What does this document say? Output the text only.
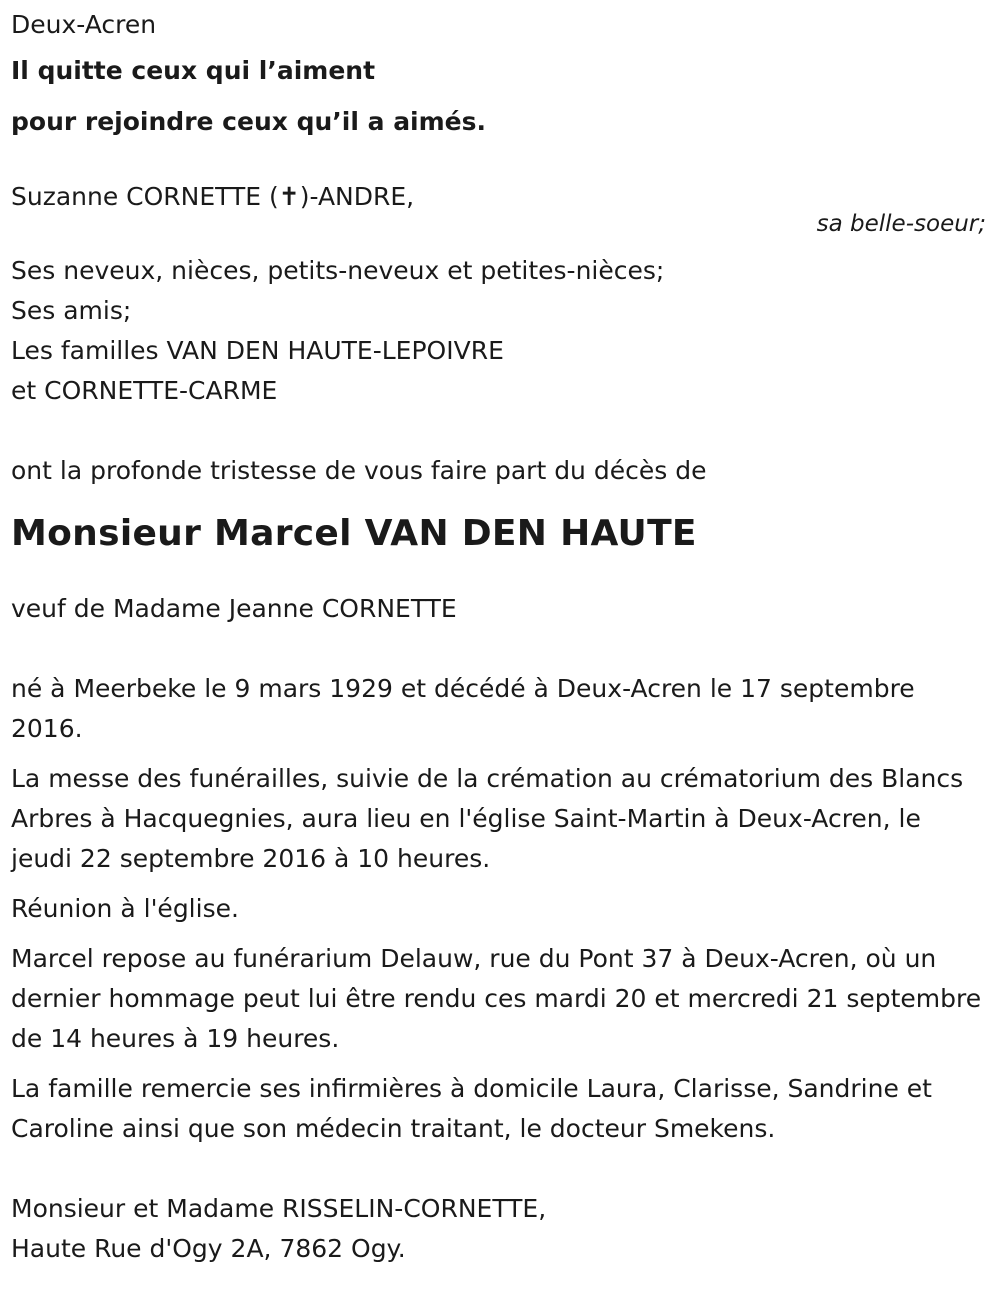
Deux-Acren
Il quitte ceux qui l’aiment
pour rejoindre ceux qu’il a aimés.
Suzanne CORNETTE (✝)-ANDRE,
sa belle-soeur;
Ses neveux, nièces, petits-neveux et petites-nièces;
Ses amis;
Les familles VAN DEN HAUTE-LEPOIVRE
et CORNETTE-CARME
ont la profonde tristesse de vous faire part du décès de
Monsieur Marcel VAN DEN HAUTE
veuf de Madame Jeanne CORNETTE
né à Meerbeke le 9 mars 1929 et décédé à Deux-Acren le 17 septembre 2016.
La messe des funérailles, suivie de la crémation au crématorium des Blancs Arbres à Hacquegnies, aura lieu en l'église Saint-Martin à Deux-Acren, le jeudi 22 septembre 2016 à 10 heures.
Réunion à l'église.
Marcel repose au funérarium Delauw, rue du Pont 37 à Deux-Acren, où un dernier hommage peut lui être rendu ces mardi 20 et mercredi 21 septembre de 14 heures à 19 heures.
La famille remercie ses infirmières à domicile Laura, Clarisse, Sandrine et Caroline ainsi que son médecin traitant, le docteur Smekens.
Monsieur et Madame RISSELIN-CORNETTE,
Haute Rue d'Ogy 2A, 7862 Ogy.
